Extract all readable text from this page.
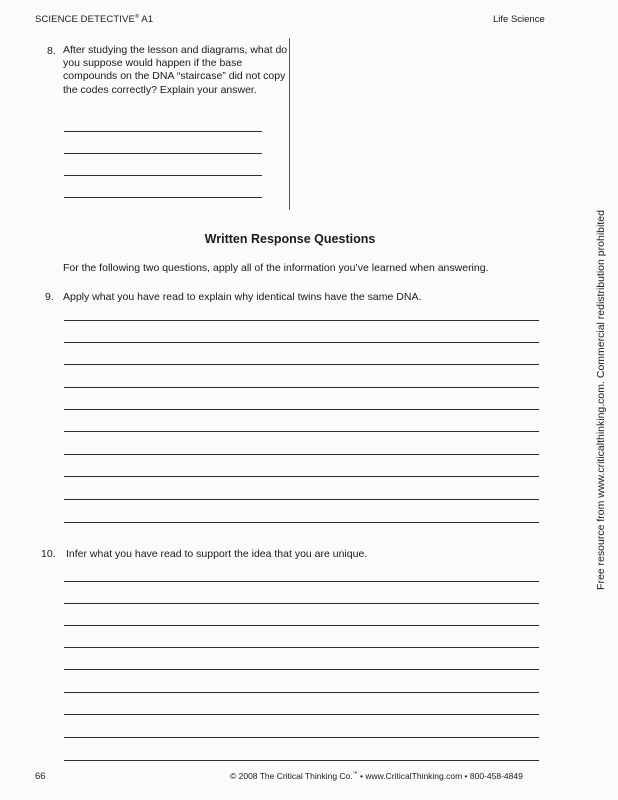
SCIENCE DETECTIVE® A1	Life Science
8. After studying the lesson and diagrams, what do you suppose would happen if the base compounds on the DNA “staircase” did not copy the codes correctly? Explain your answer.
Written Response Questions
For the following two questions, apply all of the information you’ve learned when answering.
9. Apply what you have read to explain why identical twins have the same DNA.
10. Infer what you have read to support the idea that you are unique.
66	© 2008 The Critical Thinking Co.™ • www.CriticalThinking.com • 800-458-4849
Free resource from www.criticalthinking.com. Commercial redistribution prohibited
